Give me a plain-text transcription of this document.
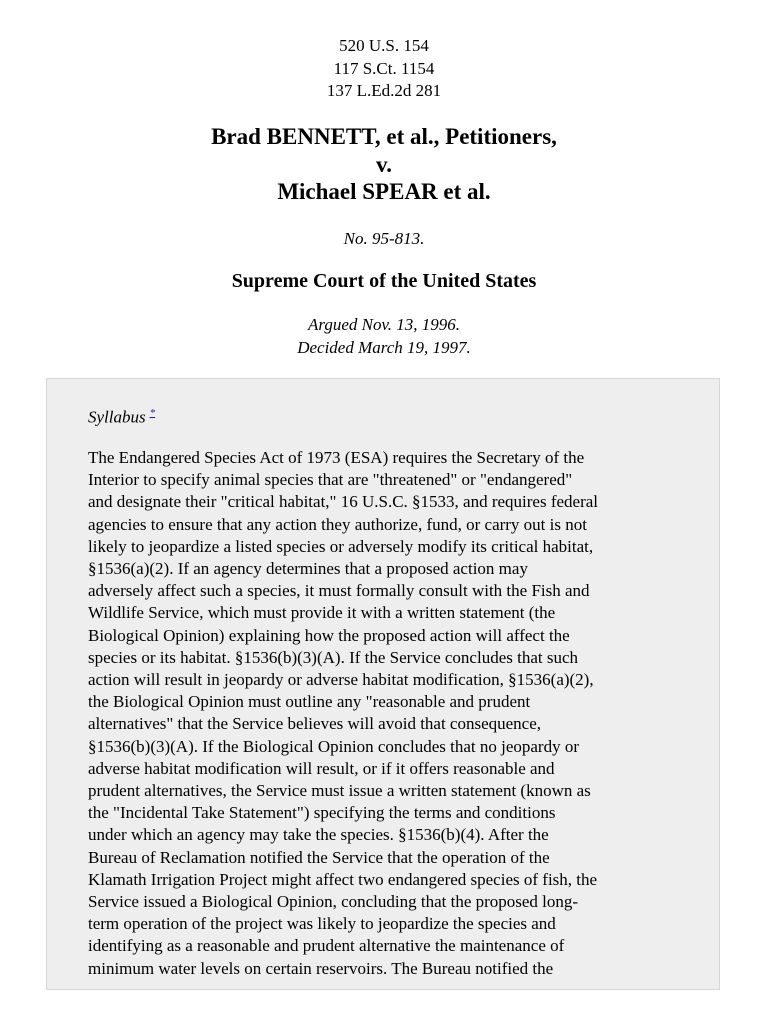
520 U.S. 154
117 S.Ct. 1154
137 L.Ed.2d 281
Brad BENNETT, et al., Petitioners,
v.
Michael SPEAR et al.
No. 95-813.
Supreme Court of the United States
Argued Nov. 13, 1996.
Decided March 19, 1997.
Syllabus *
The Endangered Species Act of 1973 (ESA) requires the Secretary of the
Interior to specify animal species that are "threatened" or "endangered"
and designate their "critical habitat," 16 U.S.C. §1533, and requires federal
agencies to ensure that any action they authorize, fund, or carry out is not
likely to jeopardize a listed species or adversely modify its critical habitat,
§1536(a)(2). If an agency determines that a proposed action may
adversely affect such a species, it must formally consult with the Fish and
Wildlife Service, which must provide it with a written statement (the
Biological Opinion) explaining how the proposed action will affect the
species or its habitat. §1536(b)(3)(A). If the Service concludes that such
action will result in jeopardy or adverse habitat modification, §1536(a)(2),
the Biological Opinion must outline any "reasonable and prudent
alternatives" that the Service believes will avoid that consequence,
§1536(b)(3)(A). If the Biological Opinion concludes that no jeopardy or
adverse habitat modification will result, or if it offers reasonable and
prudent alternatives, the Service must issue a written statement (known as
the "Incidental Take Statement") specifying the terms and conditions
under which an agency may take the species. §1536(b)(4). After the
Bureau of Reclamation notified the Service that the operation of the
Klamath Irrigation Project might affect two endangered species of fish, the
Service issued a Biological Opinion, concluding that the proposed long-
term operation of the project was likely to jeopardize the species and
identifying as a reasonable and prudent alternative the maintenance of
minimum water levels on certain reservoirs. The Bureau notified the
